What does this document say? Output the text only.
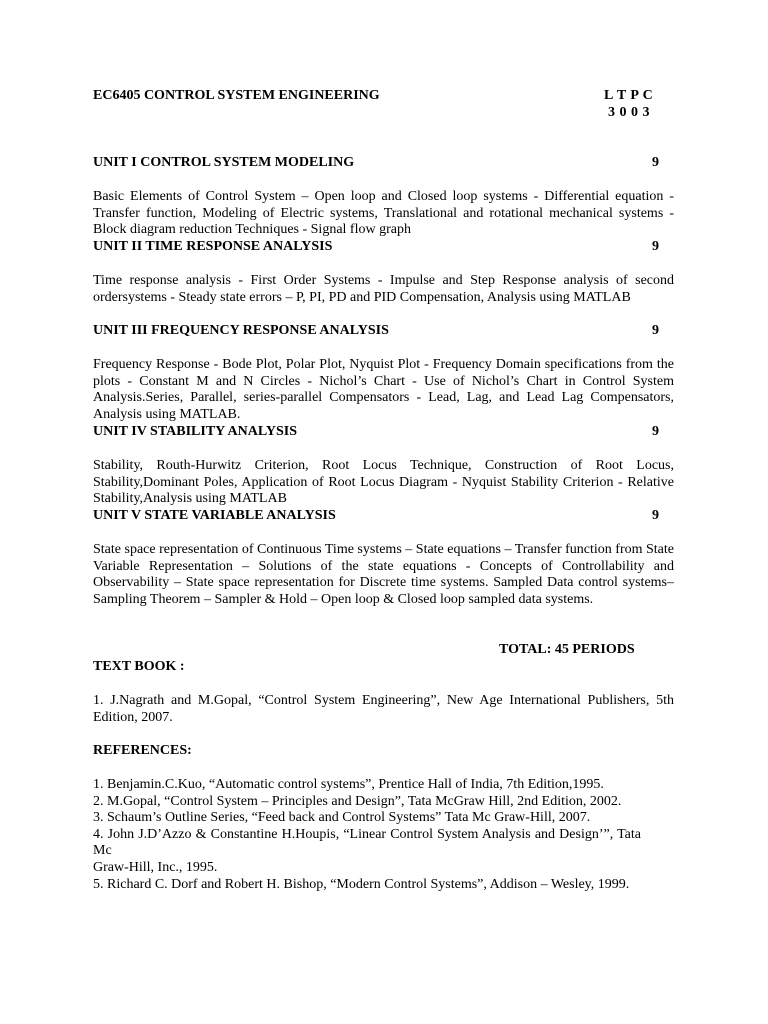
EC6405 CONTROL SYSTEM ENGINEERING	L T P C
3 0 0 3
UNIT I CONTROL SYSTEM MODELING	9
Basic Elements of Control System – Open loop and Closed loop systems - Differential equation -Transfer function, Modeling of Electric systems, Translational and rotational mechanical systems -Block diagram reduction Techniques - Signal flow graph
UNIT II TIME RESPONSE ANALYSIS	9
Time response analysis - First Order Systems - Impulse and Step Response analysis of second ordersystems - Steady state errors – P, PI, PD and PID Compensation, Analysis using MATLAB
UNIT III FREQUENCY RESPONSE ANALYSIS	9
Frequency Response - Bode Plot, Polar Plot, Nyquist Plot - Frequency Domain specifications from the plots - Constant M and N Circles - Nichol’s Chart - Use of Nichol’s Chart in Control System Analysis.Series, Parallel, series-parallel Compensators - Lead, Lag, and Lead Lag Compensators, Analysis using MATLAB.
UNIT IV STABILITY ANALYSIS	9
Stability, Routh-Hurwitz Criterion, Root Locus Technique, Construction of Root Locus, Stability,Dominant Poles, Application of Root Locus Diagram - Nyquist Stability Criterion - Relative Stability,Analysis using MATLAB
UNIT V STATE VARIABLE ANALYSIS	9
State space representation of Continuous Time systems – State equations – Transfer function from State Variable Representation – Solutions of the state equations - Concepts of Controllability and Observability – State space representation for Discrete time systems. Sampled Data control systems– Sampling Theorem – Sampler & Hold – Open loop & Closed loop sampled data systems.
TOTAL: 45 PERIODS
TEXT BOOK :
1. J.Nagrath and M.Gopal, “Control System Engineering”, New Age International Publishers, 5th Edition, 2007.
REFERENCES:
1. Benjamin.C.Kuo, “Automatic control systems”, Prentice Hall of India, 7th Edition,1995.
2. M.Gopal, “Control System – Principles and Design”, Tata McGraw Hill, 2nd Edition, 2002.
3. Schaum’s Outline Series, “Feed back and Control Systems” Tata Mc Graw-Hill, 2007.
4. John J.D’Azzo & Constantine H.Houpis, “Linear Control System Analysis and Design’”, Tata Mc
Graw-Hill, Inc., 1995.
5. Richard C. Dorf and Robert H. Bishop, “Modern Control Systems”, Addison – Wesley, 1999.
